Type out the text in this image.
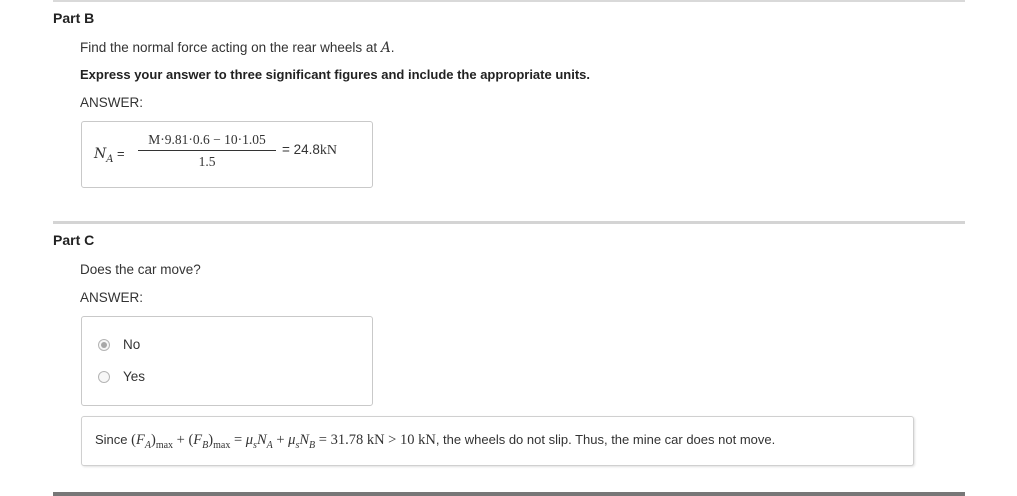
Part B
Find the normal force acting on the rear wheels at A.
Express your answer to three significant figures and include the appropriate units.
ANSWER:
$N_A = \frac{M\cdot 9.81\cdot 0.6 - 10\cdot 1.05}{1.5} = 24.8kN$
Part C
Does the car move?
ANSWER:
No
Yes
Since $(F_A)_{max} + (F_B)_{max} = \mu_sN_A + \mu_sN_B = 31.78$ kN > 10 kN, the wheels do not slip. Thus, the mine car does not move.
